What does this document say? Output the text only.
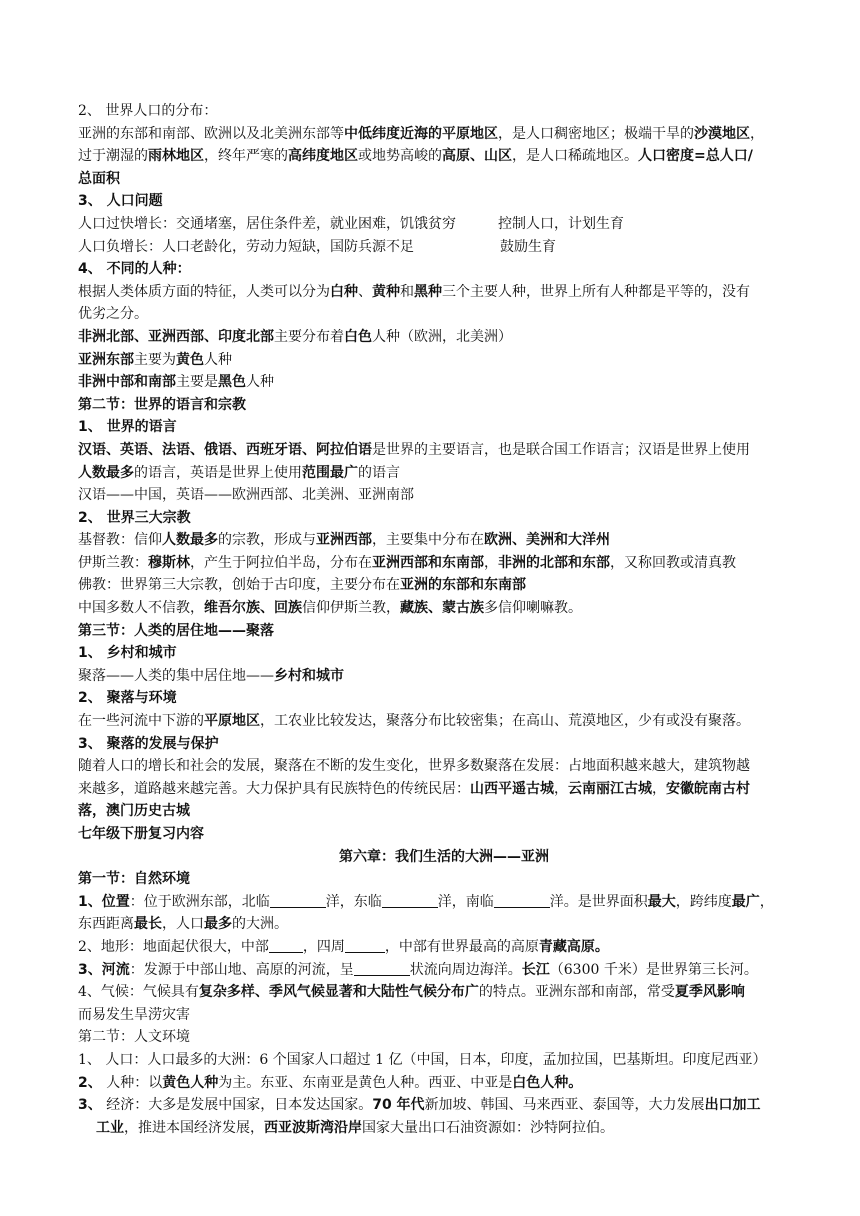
2、 世界人口的分布：
亚洲的东部和南部、欧洲以及北美洲东部等中低纬度近海的平原地区，是人口稠密地区；极端干旱的沙漠地区，
过于潮湿的雨林地区，终年严寒的高纬度地区或地势高峻的高原、山区，是人口稀疏地区。人口密度=总人口/
总面积
3、 人口问题
人口过快增长：交通堵塞，居住条件差，就业困难，饥饿贫穷	控制人口，计划生育
人口负增长：人口老龄化，劳动力短缺，国防兵源不足	鼓励生育
4、 不同的人种：
根据人类体质方面的特征，人类可以分为白种、黄种和黑种三个主要人种，世界上所有人种都是平等的，没有
优劣之分。
非洲北部、亚洲西部、印度北部主要分布着白色人种（欧洲，北美洲）
亚洲东部主要为黄色人种
非洲中部和南部主要是黑色人种
第二节：世界的语言和宗教
1、 世界的语言
汉语、英语、法语、俄语、西班牙语、阿拉伯语是世界的主要语言，也是联合国工作语言；汉语是世界上使用
人数最多的语言，英语是世界上使用范围最广的语言
汉语——中国，英语——欧洲西部、北美洲、亚洲南部
2、 世界三大宗教
基督教：信仰人数最多的宗教，形成与亚洲西部，主要集中分布在欧洲、美洲和大洋州
伊斯兰教：穆斯林，产生于阿拉伯半岛，分布在亚洲西部和东南部，非洲的北部和东部，又称回教或清真教
佛教：世界第三大宗教，创始于古印度，主要分布在亚洲的东部和东南部
中国多数人不信教，维吾尔族、回族信仰伊斯兰教，藏族、蒙古族多信仰喇嘛教。
第三节：人类的居住地——聚落
1、 乡村和城市
聚落——人类的集中居住地——乡村和城市
2、 聚落与环境
在一些河流中下游的平原地区，工农业比较发达，聚落分布比较密集；在高山、荒漠地区，少有或没有聚落。
3、 聚落的发展与保护
随着人口的增长和社会的发展，聚落在不断的发生变化，世界多数聚落在发展：占地面积越来越大，建筑物越
来越多，道路越来越完善。大力保护具有民族特色的传统民居：山西平遥古城，云南丽江古城，安徽皖南古村
落，澳门历史古城
七年级下册复习内容
第六章：我们生活的大洲——亚洲
第一节：自然环境
1、位置：位于欧洲东部，北临	洋，东临	洋，南临	洋。是世界面积最大，跨纬度最广，
东西距离最长，人口最多的大洲。
2、地形：地面起伏很大，中部 ，四周	，中部有世界最高的高原青藏高原。
3、河流：发源于中部山地、高原的河流，呈	状流向周边海洋。长江（6300 千米）是世界第三长河。
4、气候：气候具有复杂多样、季风气候显著和大陆性气候分布广的特点。亚洲东部和南部，常受夏季风影响
而易发生旱涝灾害
第二节：人文环境
1、 人口：人口最多的大洲：6 个国家人口超过 1 亿（中国，日本，印度，孟加拉国，巴基斯坦。印度尼西亚）
2、 人种：以黄色人种为主。东亚、东南亚是黄色人种。西亚、中亚是白色人种。
3、 经济：大多是发展中国家，日本发达国家。70 年代新加坡、韩国、马来西亚、泰国等，大力发展出口加工
工业，推进本国经济发展，西亚波斯湾沿岸国家大量出口石油资源如：沙特阿拉伯。
